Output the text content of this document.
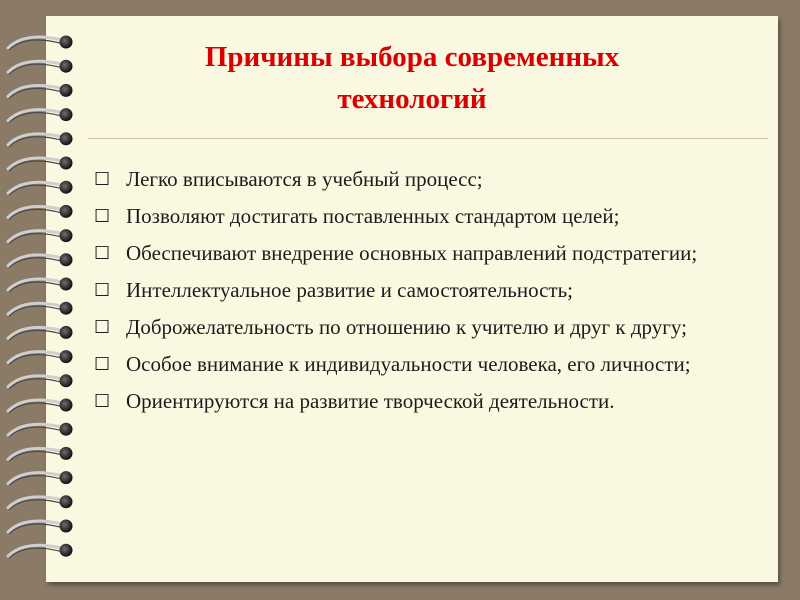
Причины выбора современных
технологий
☐ Легко вписываются в учебный процесс;
☐ Позволяют достигать поставленных стандартом целей;
☐ Обеспечивают внедрение основных направлений подстратегии;
☐ Интеллектуальное развитие и самостоятельность;
☐ Доброжелательность по отношению к учителю и друг к другу;
☐ Особое внимание к индивидуальности человека, его личности;
☐ Ориентируются на развитие творческой деятельности.
